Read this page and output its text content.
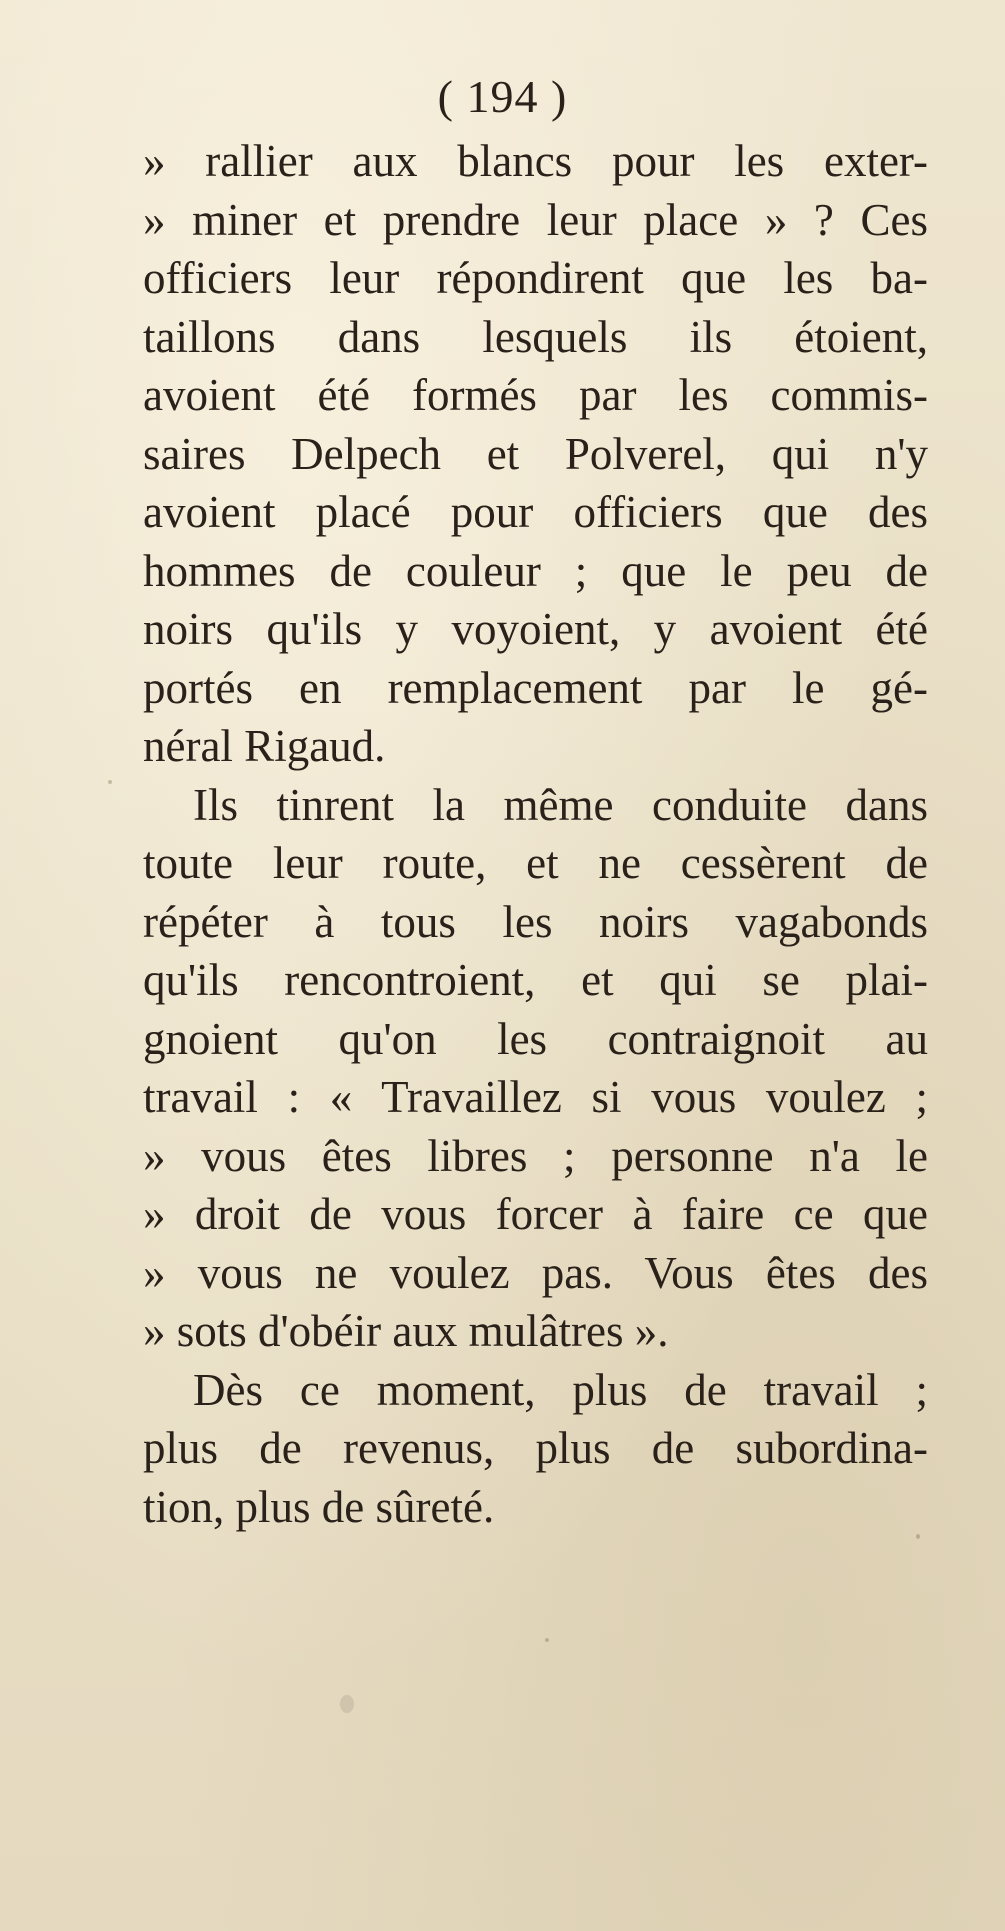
( 194 )
» rallier aux blancs pour les exter-
» miner et prendre leur place » ? Ces
officiers leur répondirent que les ba-
taillons dans lesquels ils étoient,
avoient été formés par les commis-
saires Delpech et Polverel, qui n'y
avoient placé pour officiers que des
hommes de couleur ; que le peu de
noirs qu'ils y voyoient, y avoient été
portés en remplacement par le gé-
néral Rigaud.
Ils tinrent la même conduite dans
toute leur route, et ne cessèrent de
répéter à tous les noirs vagabonds
qu'ils rencontroient, et qui se plai-
gnoient qu'on les contraignoit au
travail : « Travaillez si vous voulez ;
» vous êtes libres ; personne n'a le
» droit de vous forcer à faire ce que
» vous ne voulez pas. Vous êtes des
» sots d'obéir aux mulâtres ».
Dès ce moment, plus de travail ;
plus de revenus, plus de subordina-
tion, plus de sûreté.
